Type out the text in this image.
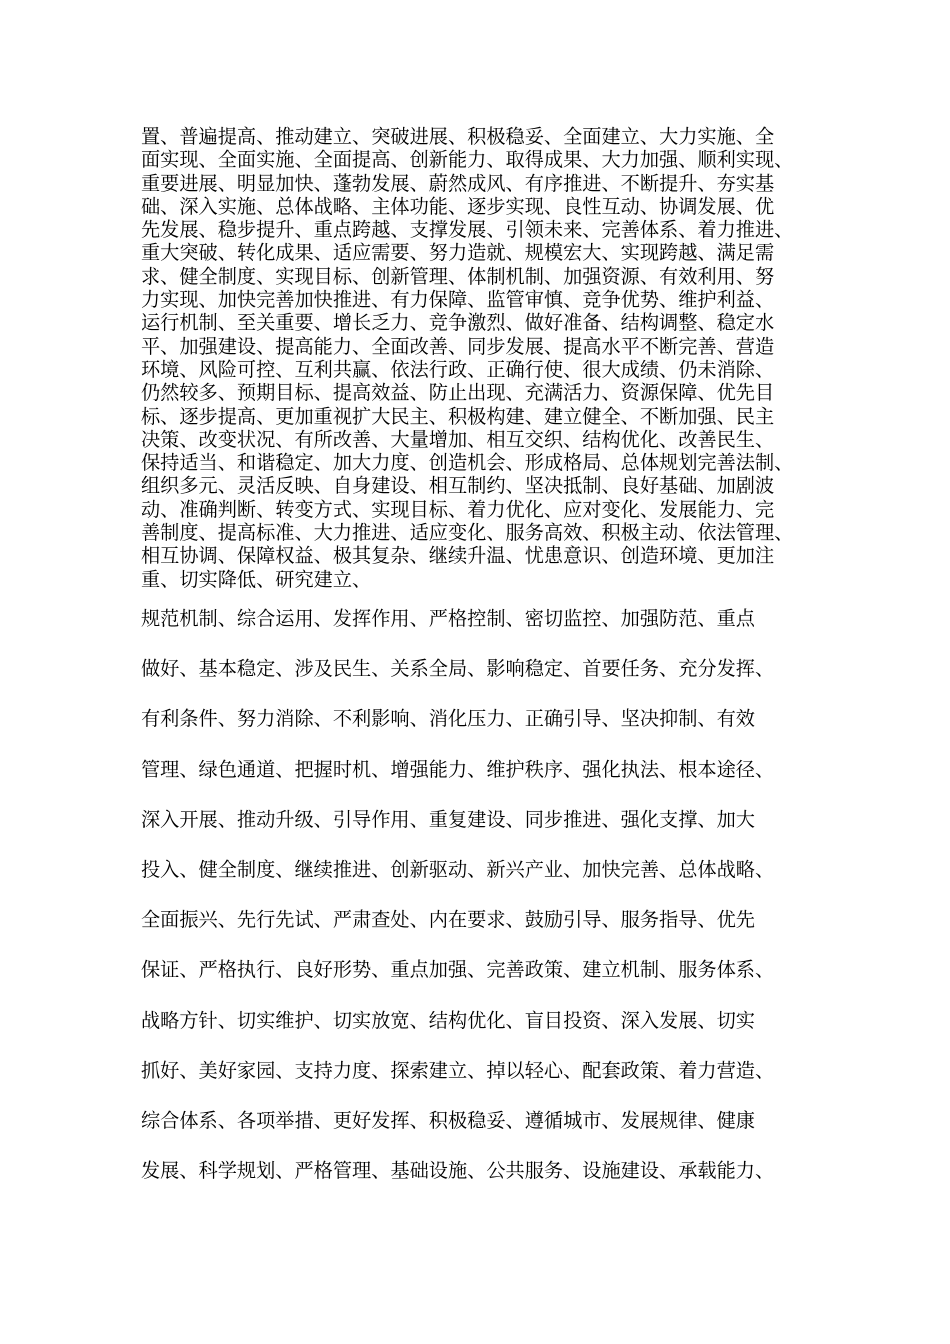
置、普遍提高、推动建立、突破进展、积极稳妥、全面建立、大力实施、全
面实现、全面实施、全面提高、创新能力、取得成果、大力加强、顺利实现、
重要进展、明显加快、蓬勃发展、蔚然成风、有序推进、不断提升、夯实基
础、深入实施、总体战略、主体功能、逐步实现、良性互动、协调发展、优
先发展、稳步提升、重点跨越、支撑发展、引领未来、完善体系、着力推进、
重大突破、转化成果、适应需要、努力造就、规模宏大、实现跨越、满足需
求、健全制度、实现目标、创新管理、体制机制、加强资源、有效利用、努
力实现、加快完善加快推进、有力保障、监管审慎、竞争优势、维护利益、
运行机制、至关重要、增长乏力、竞争激烈、做好准备、结构调整、稳定水
平、加强建设、提高能力、全面改善、同步发展、提高水平不断完善、营造
环境、风险可控、互利共赢、依法行政、正确行使、很大成绩、仍未消除、
仍然较多、预期目标、提高效益、防止出现、充满活力、资源保障、优先目
标、逐步提高、更加重视扩大民主、积极构建、建立健全、不断加强、民主
决策、改变状况、有所改善、大量增加、相互交织、结构优化、改善民生、
保持适当、和谐稳定、加大力度、创造机会、形成格局、总体规划完善法制、
组织多元、灵活反映、自身建设、相互制约、坚决抵制、良好基础、加剧波
动、准确判断、转变方式、实现目标、着力优化、应对变化、发展能力、完
善制度、提高标准、大力推进、适应变化、服务高效、积极主动、依法管理、
相互协调、保障权益、极其复杂、继续升温、忧患意识、创造环境、更加注
重、切实降低、研究建立、
规范机制、综合运用、发挥作用、严格控制、密切监控、加强防范、重点
做好、基本稳定、涉及民生、关系全局、影响稳定、首要任务、充分发挥、
有利条件、努力消除、不利影响、消化压力、正确引导、坚决抑制、有效
管理、绿色通道、把握时机、增强能力、维护秩序、强化执法、根本途径、
深入开展、推动升级、引导作用、重复建设、同步推进、强化支撑、加大
投入、健全制度、继续推进、创新驱动、新兴产业、加快完善、总体战略、
全面振兴、先行先试、严肃查处、内在要求、鼓励引导、服务指导、优先
保证、严格执行、良好形势、重点加强、完善政策、建立机制、服务体系、
战略方针、切实维护、切实放宽、结构优化、盲目投资、深入发展、切实
抓好、美好家园、支持力度、探索建立、掉以轻心、配套政策、着力营造、
综合体系、各项举措、更好发挥、积极稳妥、遵循城市、发展规律、健康
发展、科学规划、严格管理、基础设施、公共服务、设施建设、承载能力、
